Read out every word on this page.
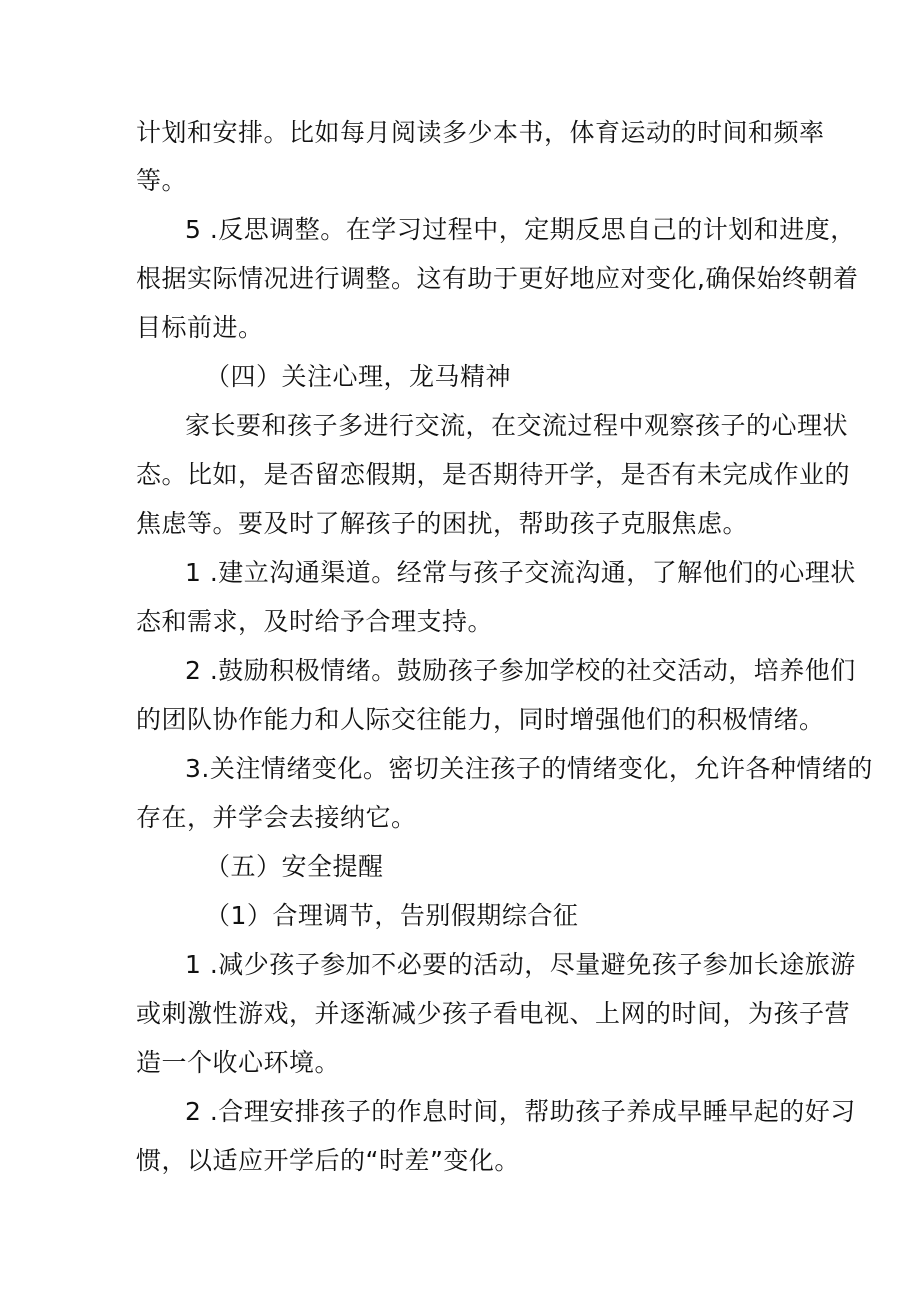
计划和安排。比如每月阅读多少本书，体育运动的时间和频率
等。
5 .反思调整。在学习过程中，定期反思自己的计划和进度，
根据实际情况进行调整。这有助于更好地应对变化,确保始终朝着
目标前进。
（四）关注心理，龙马精神
家长要和孩子多进行交流，在交流过程中观察孩子的心理状
态。比如，是否留恋假期，是否期待开学，是否有未完成作业的
焦虑等。要及时了解孩子的困扰，帮助孩子克服焦虑。
1 .建立沟通渠道。经常与孩子交流沟通，了解他们的心理状
态和需求，及时给予合理支持。
2 .鼓励积极情绪。鼓励孩子参加学校的社交活动，培养他们
的团队协作能力和人际交往能力，同时增强他们的积极情绪。
3.关注情绪变化。密切关注孩子的情绪变化，允许各种情绪的
存在，并学会去接纳它。
（五）安全提醒
（1）合理调节，告别假期综合征
1 .减少孩子参加不必要的活动，尽量避免孩子参加长途旅游
或刺激性游戏，并逐渐减少孩子看电视、上网的时间，为孩子营
造一个收心环境。
2 .合理安排孩子的作息时间，帮助孩子养成早睡早起的好习
惯，以适应开学后的“时差”变化。
